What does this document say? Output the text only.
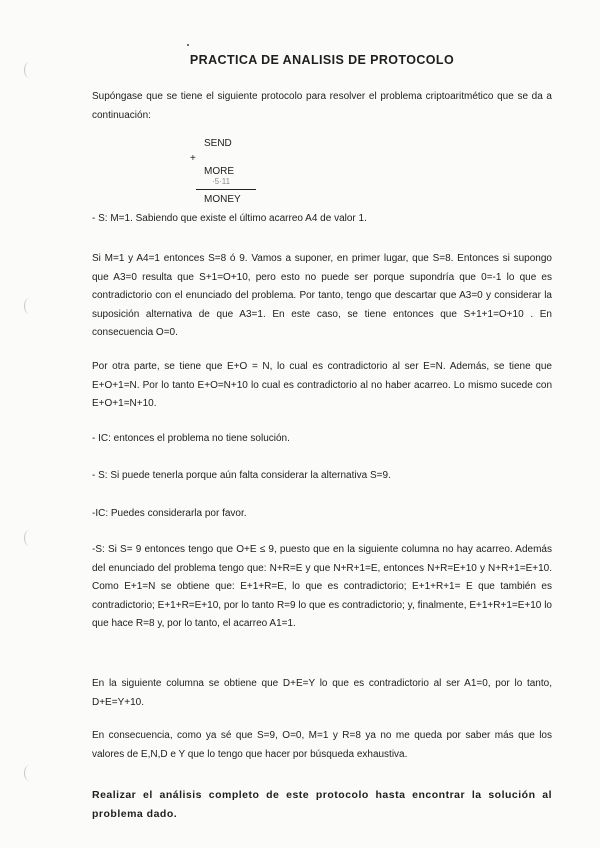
PRACTICA DE ANALISIS DE PROTOCOLO

Supóngase que se tiene el siguiente protocolo para resolver el problema criptoaritmético que se da a continuación:

SEND
+
MORE
·5·11
MONEY

- S: M=1. Sabiendo que existe el último acarreo A4 de valor 1.

Si M=1 y A4=1 entonces S=8 ó 9. Vamos a suponer, en primer lugar, que S=8. Entonces si supongo que A3=0 resulta que S+1=O+10, pero esto no puede ser porque supondría que 0=-1 lo que es contradictorio con el enunciado del problema. Por tanto, tengo que descartar que A3=0 y considerar la suposición alternativa de que A3=1. En este caso, se tiene entonces que S+1+1=O+10 . En consecuencia O=0.

Por otra parte, se tiene que E+O = N, lo cual es contradictorio al ser E=N. Además, se tiene que E+O+1=N. Por lo tanto E+O=N+10 lo cual es contradictorio al no haber acarreo. Lo mismo sucede con E+O+1=N+10.

- IC: entonces el problema no tiene solución.

- S: Si puede tenerla porque aún falta considerar la alternativa S=9.

-IC: Puedes considerarla por favor.

-S: Si S= 9 entonces tengo que O+E ≤ 9, puesto que en la siguiente columna no hay acarreo. Además del enunciado del problema tengo que: N+R=E y que N+R+1=E, entonces N+R=E+10 y N+R+1=E+10. Como E+1=N se obtiene que: E+1+R=E, lo que es contradictorio; E+1+R+1= E que también es contradictorio; E+1+R=E+10, por lo tanto R=9 lo que es contradictorio; y, finalmente, E+1+R+1=E+10 lo que hace R=8 y, por lo tanto, el acarreo A1=1.

En la siguiente columna se obtiene que D+E=Y lo que es contradictorio al ser A1=0, por lo tanto, D+E=Y+10.

En consecuencia, como ya sé que S=9, O=0, M=1 y R=8 ya no me queda por saber más que los valores de E,N,D e Y que lo tengo que hacer por búsqueda exhaustiva.

Realizar el análisis completo de este protocolo hasta encontrar la solución al problema dado.
